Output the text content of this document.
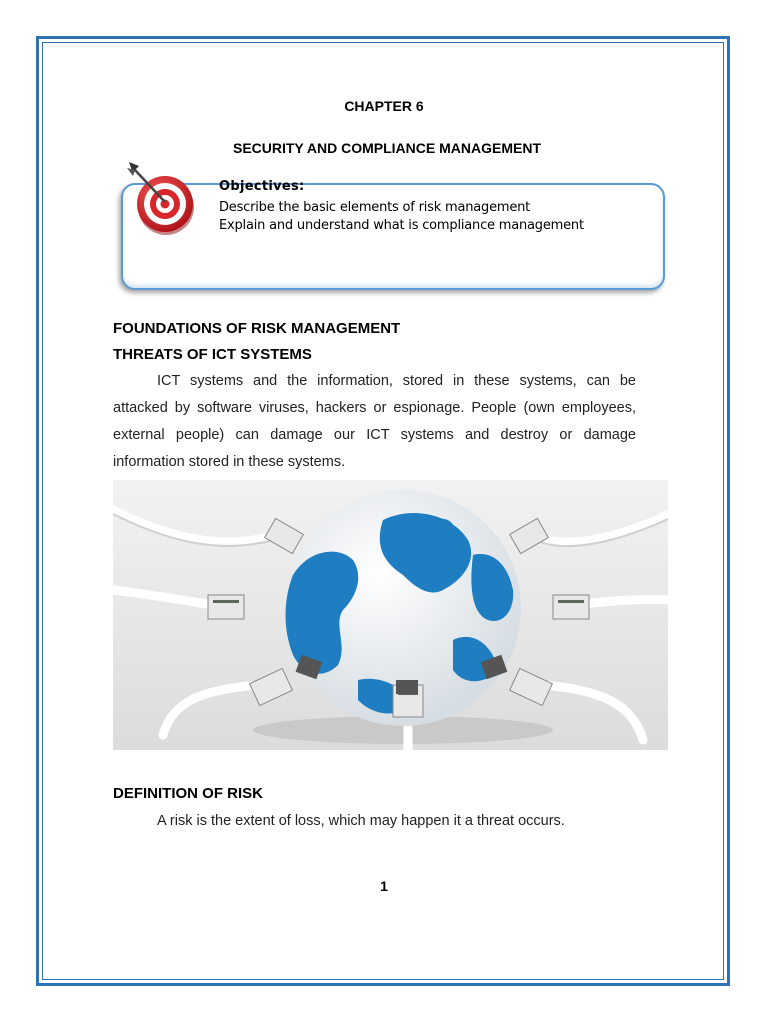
CHAPTER 6
SECURITY AND COMPLIANCE MANAGEMENT
Objectives:
Describe the basic elements of risk management
Explain and understand what is compliance management
FOUNDATIONS OF RISK MANAGEMENT
THREATS OF ICT SYSTEMS
ICT systems and the information, stored in these systems, can be attacked by software viruses, hackers or espionage. People (own employees, external people) can damage our ICT systems and destroy or damage information stored in these systems.
DEFINITION OF RISK
A risk is the extent of loss, which may happen it a threat occurs.
1
